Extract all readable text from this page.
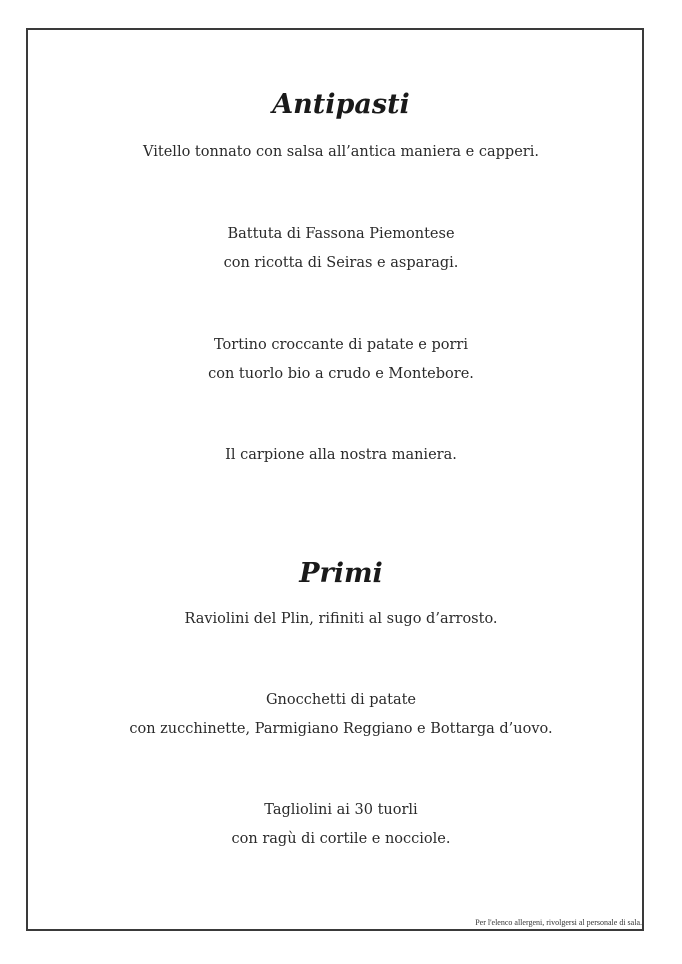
Antipasti
Vitello tonnato con salsa all’antica maniera e capperi.
Battuta di Fassona Piemontese
con ricotta di Seiras e asparagi.
Tortino croccante di patate e porri
con tuorlo bio a crudo e Montebore.
Il carpione alla nostra maniera.
Primi
Raviolini del Plin, rifiniti al sugo d’arrosto.
Gnocchetti di patate
con zucchinette, Parmigiano Reggiano e Bottarga d’uovo.
Tagliolini ai 30 tuorli
con ragù di cortile e nocciole.
Per l'elenco allergeni, rivolgersi al personale di sala.
